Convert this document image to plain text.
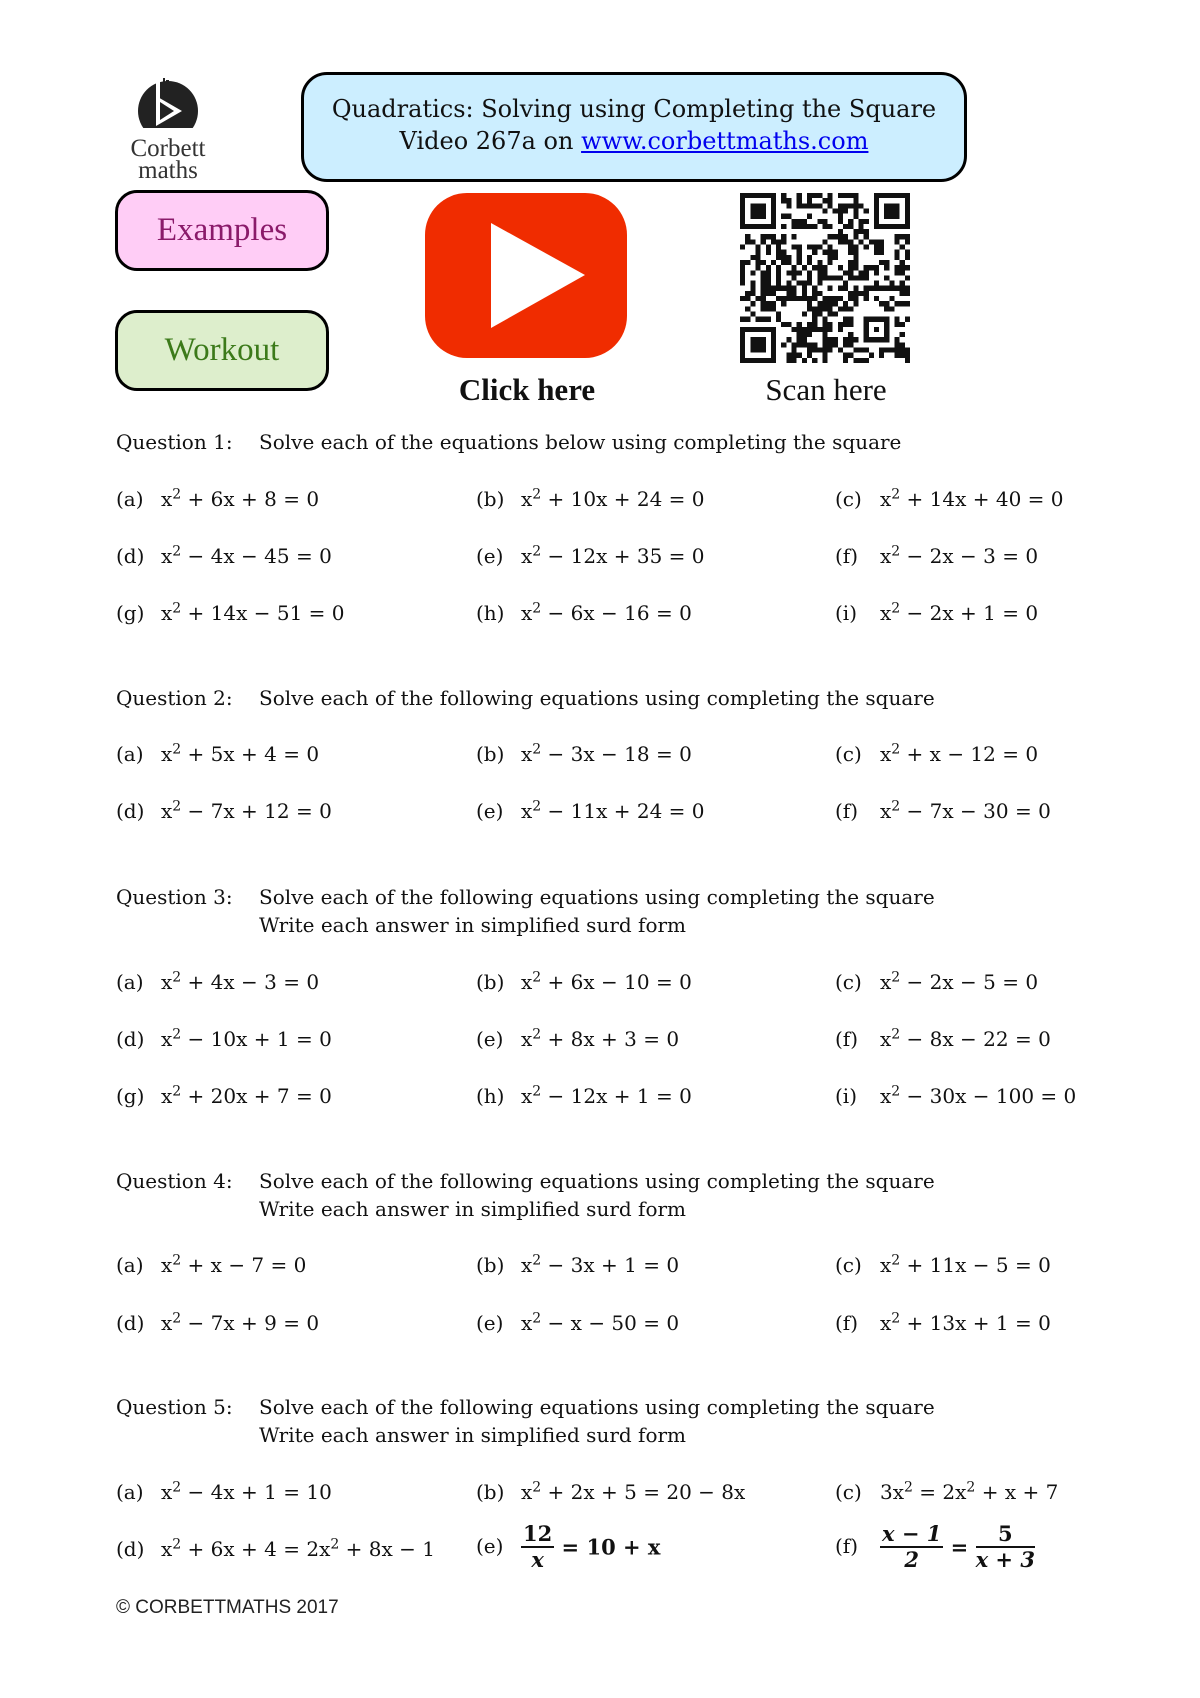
Corbett
maths
Quadratics: Solving using Completing the Square
Video 267a on www.corbettmaths.com
Examples
Workout
Click here	Scan here
Question 1: Solve each of the equations below using completing the square
(a) $x^2 + 6x + 8 = 0$	(b) $x^2 + 10x + 24 = 0$	(c) $x^2 + 14x + 40 = 0$
(d) $x^2 - 4x - 45 = 0$	(e) $x^2 - 12x + 35 = 0$	(f) $x^2 - 2x - 3 = 0$
(g) $x^2 + 14x - 51 = 0$	(h) $x^2 - 6x - 16 = 0$	(i) $x^2 - 2x + 1 = 0$
Question 2: Solve each of the following equations using completing the square
(a) $x^2 + 5x + 4 = 0$	(b) $x^2 - 3x - 18 = 0$	(c) $x^2 + x - 12 = 0$
(d) $x^2 - 7x + 12 = 0$	(e) $x^2 - 11x + 24 = 0$	(f) $x^2 - 7x - 30 = 0$
Question 3: Solve each of the following equations using completing the square
Write each answer in simplified surd form
(a) $x^2 + 4x - 3 = 0$	(b) $x^2 + 6x - 10 = 0$	(c) $x^2 - 2x - 5 = 0$
(d) $x^2 - 10x + 1 = 0$	(e) $x^2 + 8x + 3 = 0$	(f) $x^2 - 8x - 22 = 0$
(g) $x^2 + 20x + 7 = 0$	(h) $x^2 - 12x + 1 = 0$	(i) $x^2 - 30x - 100 = 0$
Question 4: Solve each of the following equations using completing the square
Write each answer in simplified surd form
(a) $x^2 + x - 7 = 0$	(b) $x^2 - 3x + 1 = 0$	(c) $x^2 + 11x - 5 = 0$
(d) $x^2 - 7x + 9 = 0$	(e) $x^2 - x - 50 = 0$	(f) $x^2 + 13x + 1 = 0$
Question 5: Solve each of the following equations using completing the square
Write each answer in simplified surd form
(a) $x^2 - 4x + 1 = 10$	(b) $x^2 + 2x + 5 = 20 - 8x$	(c) $3x^2 = 2x^2 + x + 7$
(d) $x^2 + 6x + 4 = 2x^2 + 8x - 1$ $(e) \frac{12}{x} = 10 + x$	$(f) \frac{x - 1}{2} = \frac{5}{x + 3}$
© CORBETTMATHS 2017
